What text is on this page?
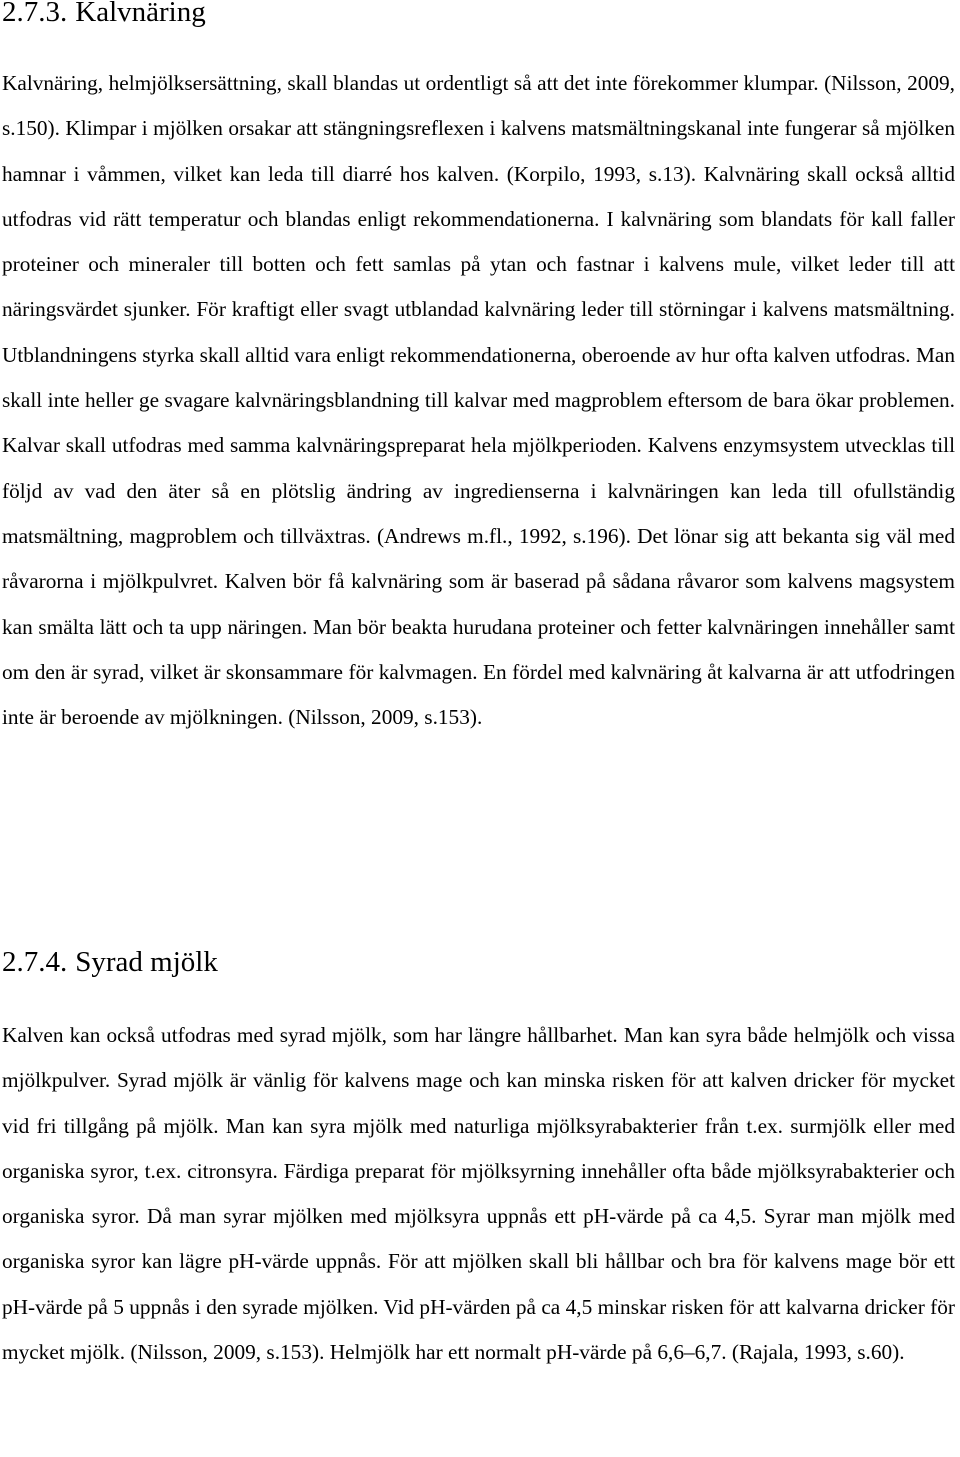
2.7.3. Kalvnäring

Kalvnäring, helmjölksersättning, skall blandas ut ordentligt så att det inte förekommer klumpar. (Nilsson, 2009, s.150). Klimpar i mjölken orsakar att stängningsreflexen i kalvens matsmältningskanal inte fungerar så mjölken hamnar i våmmen, vilket kan leda till diarré hos kalven. (Korpilo, 1993, s.13). Kalvnäring skall också alltid utfodras vid rätt temperatur och blandas enligt rekommendationerna. I kalvnäring som blandats för kall faller proteiner och mineraler till botten och fett samlas på ytan och fastnar i kalvens mule, vilket leder till att näringsvärdet sjunker. För kraftigt eller svagt utblandad kalvnäring leder till störningar i kalvens matsmältning. Utblandningens styrka skall alltid vara enligt rekommendationerna, oberoende av hur ofta kalven utfodras. Man skall inte heller ge svagare kalvnäringsblandning till kalvar med magproblem eftersom de bara ökar problemen. Kalvar skall utfodras med samma kalvnäringspreparat hela mjölkperioden. Kalvens enzymsystem utvecklas till följd av vad den äter så en plötslig ändring av ingredienserna i kalvnäringen kan leda till ofullständig matsmältning, magproblem och tillväxtras. (Andrews m.fl., 1992, s.196). Det lönar sig att bekanta sig väl med råvarorna i mjölkpulvret. Kalven bör få kalvnäring som är baserad på sådana råvaror som kalvens magsystem kan smälta lätt och ta upp näringen. Man bör beakta hurudana proteiner och fetter kalvnäringen innehåller samt om den är syrad, vilket är skonsammare för kalvmagen. En fördel med kalvnäring åt kalvarna är att utfodringen inte är beroende av mjölkningen. (Nilsson, 2009, s.153).

2.7.4. Syrad mjölk

Kalven kan också utfodras med syrad mjölk, som har längre hållbarhet. Man kan syra både helmjölk och vissa mjölkpulver. Syrad mjölk är vänlig för kalvens mage och kan minska risken för att kalven dricker för mycket vid fri tillgång på mjölk. Man kan syra mjölk med naturliga mjölksyrabakterier från t.ex. surmjölk eller med organiska syror, t.ex. citronsyra. Färdiga preparat för mjölksyrning innehåller ofta både mjölksyrabakterier och organiska syror. Då man syrar mjölken med mjölksyra uppnås ett pH-värde på ca 4,5. Syrar man mjölk med organiska syror kan lägre pH-värde uppnås. För att mjölken skall bli hållbar och bra för kalvens mage bör ett pH-värde på 5 uppnås i den syrade mjölken. Vid pH-värden på ca 4,5 minskar risken för att kalvarna dricker för mycket mjölk. (Nilsson, 2009, s.153). Helmjölk har ett normalt pH-värde på 6,6–6,7. (Rajala, 1993, s.60).
